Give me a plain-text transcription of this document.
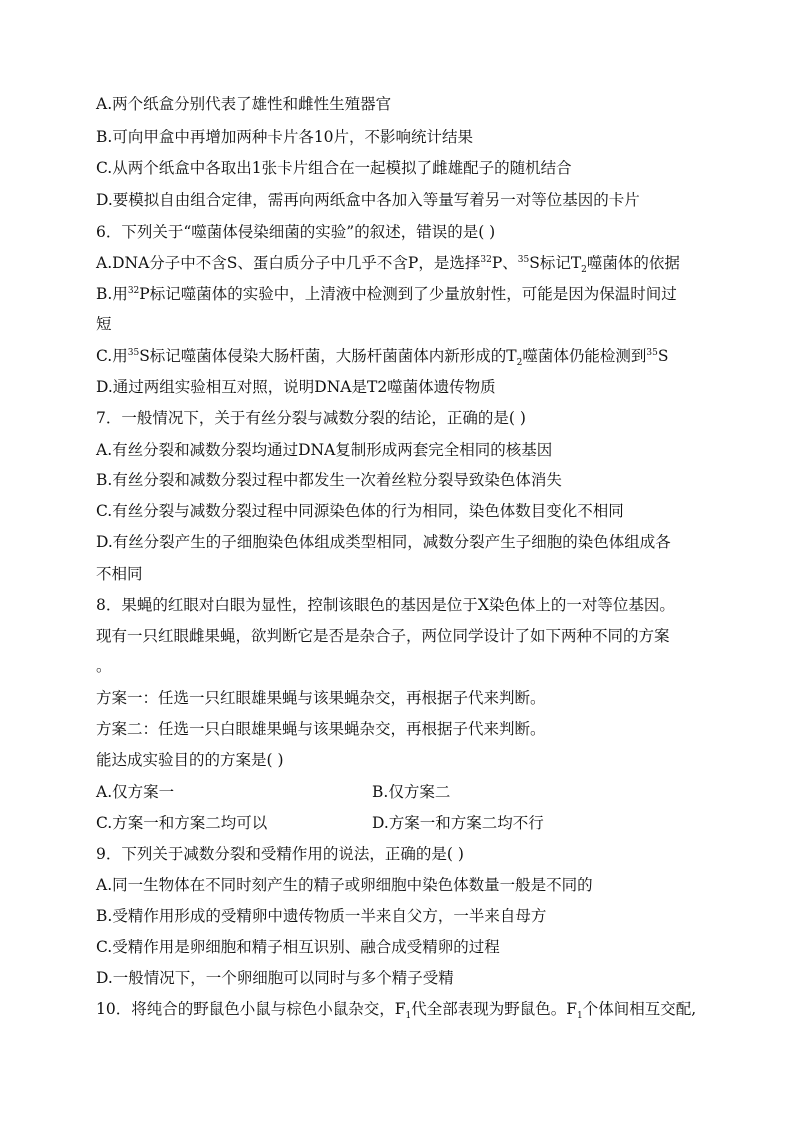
A.两个纸盒分别代表了雄性和雌性生殖器官
B.可向甲盒中再增加两种卡片各10片，不影响统计结果
C.从两个纸盒中各取出1张卡片组合在一起模拟了雌雄配子的随机结合
D.要模拟自由组合定律，需再向两纸盒中各加入等量写着另一对等位基因的卡片
6．下列关于“噬菌体侵染细菌的实验”的叙述，错误的是( )
A.DNA分子中不含S、蛋白质分子中几乎不含P，是选择$^{32}$P、$^{35}$S标记$T_2$噬菌体的依据
B.用$^{32}$P标记噬菌体的实验中，上清液中检测到了少量放射性，可能是因为保温时间过
短
C.用$^{35}$S标记噬菌体侵染大肠杆菌，大肠杆菌菌体内新形成的$T_2$噬菌体仍能检测到$^{35}$S
D.通过两组实验相互对照，说明DNA是T2噬菌体遗传物质
7．一般情况下，关于有丝分裂与减数分裂的结论，正确的是( )
A.有丝分裂和减数分裂均通过DNA复制形成两套完全相同的核基因
B.有丝分裂和减数分裂过程中都发生一次着丝粒分裂导致染色体消失
C.有丝分裂与减数分裂过程中同源染色体的行为相同，染色体数目变化不相同
D.有丝分裂产生的子细胞染色体组成类型相同，减数分裂产生子细胞的染色体组成各
不相同
8．果蝇的红眼对白眼为显性，控制该眼色的基因是位于X染色体上的一对等位基因。
现有一只红眼雌果蝇，欲判断它是否是杂合子，两位同学设计了如下两种不同的方案
。
方案一：任选一只红眼雄果蝇与该果蝇杂交，再根据子代来判断。
方案二：任选一只白眼雄果蝇与该果蝇杂交，再根据子代来判断。
能达成实验目的的方案是( )
A.仅方案一	B.仅方案二
C.方案一和方案二均可以	D.方案一和方案二均不行
9．下列关于减数分裂和受精作用的说法，正确的是( )
A.同一生物体在不同时刻产生的精子或卵细胞中染色体数量一般是不同的
B.受精作用形成的受精卵中遗传物质一半来自父方，一半来自母方
C.受精作用是卵细胞和精子相互识别、融合成受精卵的过程
D.一般情况下，一个卵细胞可以同时与多个精子受精
10．将纯合的野鼠色小鼠与棕色小鼠杂交，$F_1$代全部表现为野鼠色。$F_1$个体间相互交配,
